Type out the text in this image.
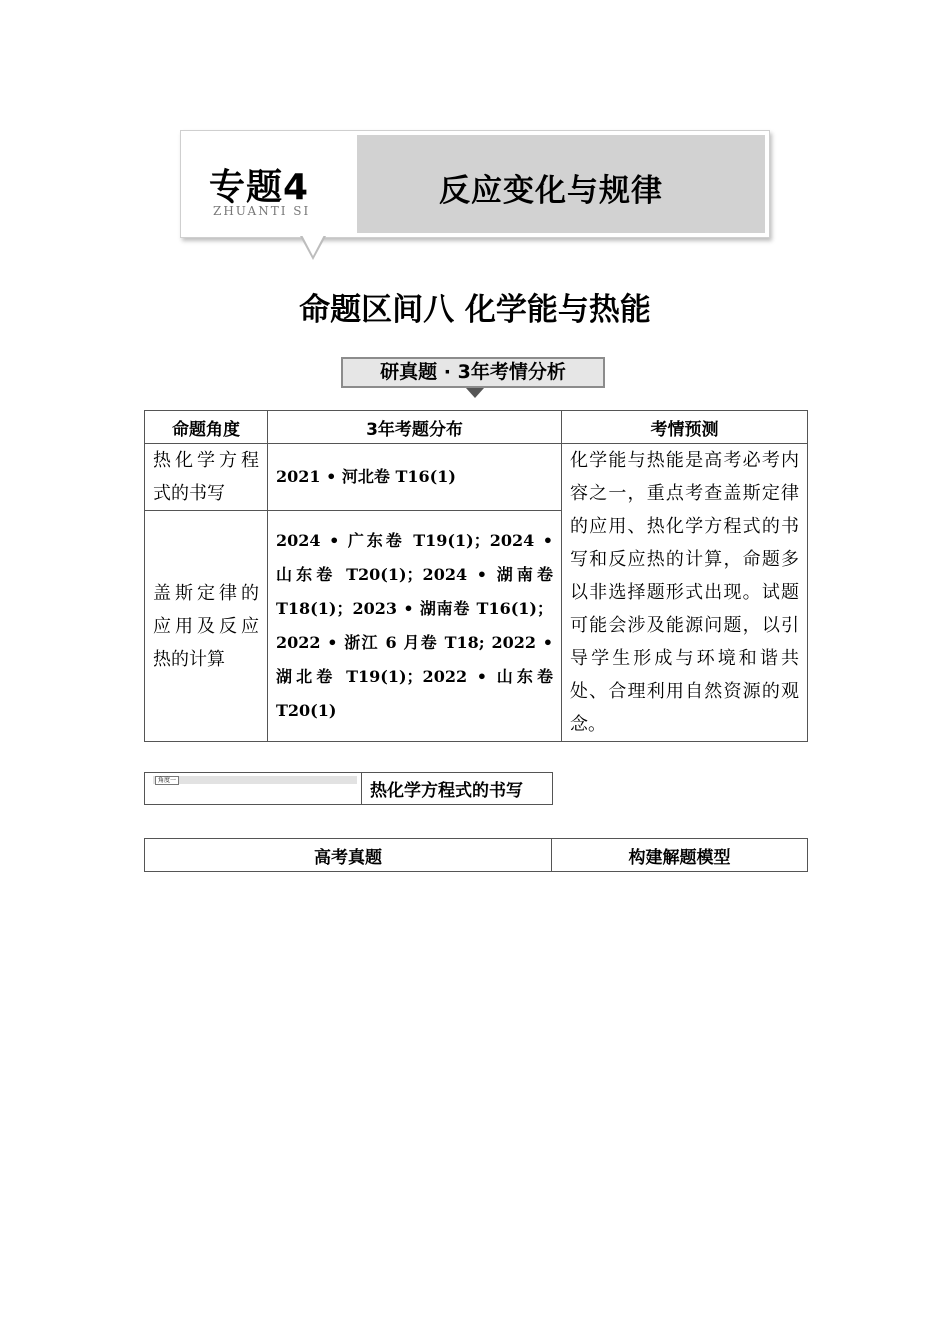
专题4
ZHUANTI SI
反应变化与规律
命题区间八 化学能与热能
研真题 · 3年考情分析
命题角度	3年考题分布	考情预测
热化学方程式的书写	2021 • 河北卷 T16(1)	化学能与热能是高考必考内容之一，重点考查盖斯定律的应用、热化学方程式的书写和反应热的计算，命题多以非选择题形式出现。试题可能会涉及能源问题，以引导学生形成与环境和谐共处、合理利用自然资源的观念。
盖斯定律的应用及反应热的计算	2024 • 广东卷 T19(1)；2024 • 山东卷 T20(1)；2024 • 湖南卷 T18(1)；2023 • 湖南卷 T16(1)；2022 • 浙江 6 月卷 T18; 2022 • 湖北卷 T19(1)；2022 • 山东卷 T20(1)	
角度一
	热化学方程式的书写
高考真题	构建解题模型
